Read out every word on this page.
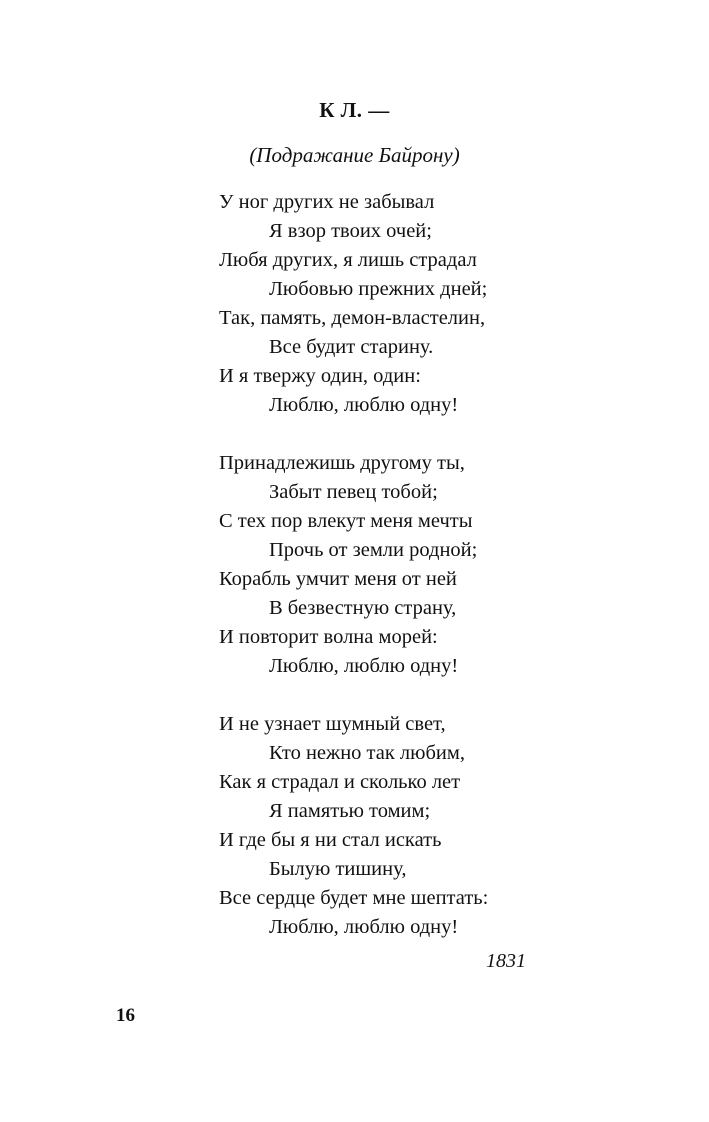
К Л. —
(Подражание Байрону)
У ног других не забывал
Я взор твоих очей;
Любя других, я лишь страдал
Любовью прежних дней;
Так, память, демон-властелин,
Все будит старину.
И я твержу один, один:
Люблю, люблю одну!
Принадлежишь другому ты,
Забыт певец тобой;
С тех пор влекут меня мечты
Прочь от земли родной;
Корабль умчит меня от ней
В безвестную страну,
И повторит волна морей:
Люблю, люблю одну!
И не узнает шумный свет,
Кто нежно так любим,
Как я страдал и сколько лет
Я памятью томим;
И где бы я ни стал искать
Былую тишину,
Все сердце будет мне шептать:
Люблю, люблю одну!
1831
16
